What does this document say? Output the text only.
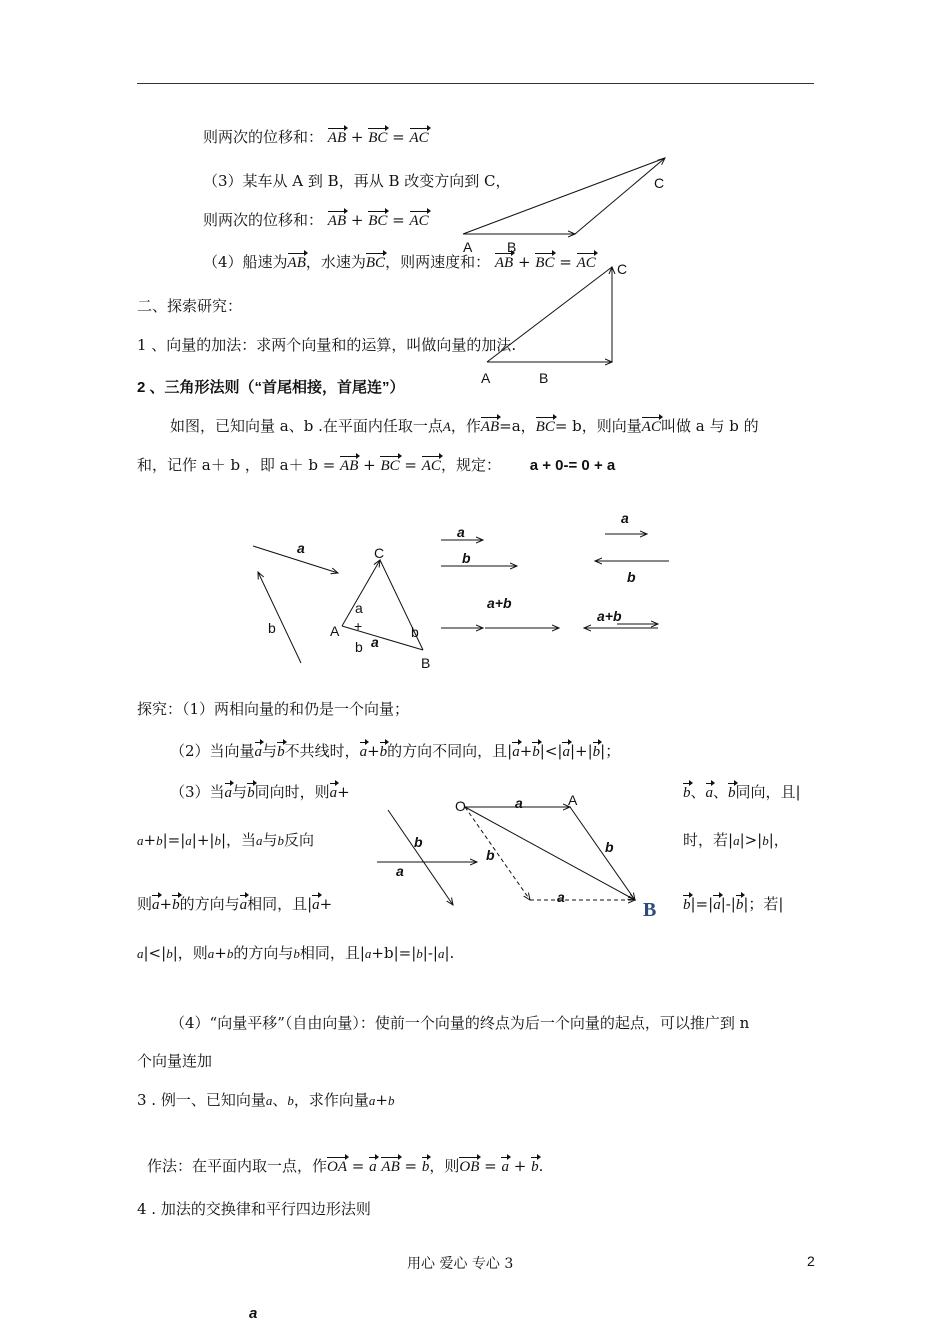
则两次的位移和： AB + BC = AC
（3）某车从 A 到 B，再从 B 改变方向到 C，
则两次的位移和： AB + BC = AC
（4）船速为AB，水速为BC，则两速度和： AB + BC = AC
二、探索研究：
1 、向量的加法：求两个向量和的运算，叫做向量的加法.
2 、三角形法则（“首尾相接，首尾连”）
如图，已知向量 a、b .在平面内任取一点A，作AB=a，BC= b，则向量AC叫做 a 与 b 的
和，记作 a＋ b ，即 a＋ b = AB + BC = AC，规定： a + 0-= 0 + a
探究：（1）两相向量的和仍是一个向量；
（2）当向量a与b不共线时，a+b的方向不同向，且|a+b|<|a|+|b|；
（3）当a与b同向时，则a+	b、a、b同向，且|
a+b|=|a|+|b|，当a与b反向	时，若|a|>|b|，
则a+b的方向与a相同，且|a+	b|=|a|-|b|；若|
a|<|b|，则a+b的方向与b相同，且|a+b|=|b|-|a|.
（4）“向量平移”（自由向量）：使前一个向量的终点为后一个向量的起点，可以推广到 n
个向量连加
3 . 例一、已知向量a、b，求作向量a+b
作法：在平面内取一点，作OA = a AB = b，则OB = a + b.
4 . 加法的交换律和平行四边形法则
用心 爱心 专心 3	2
a
A B
C
C
A	B
a
b
C
A
B
a
+
b a
b
a
b
a+b
a
b
a+b
b
a
O	a	A
b
b
a
B
